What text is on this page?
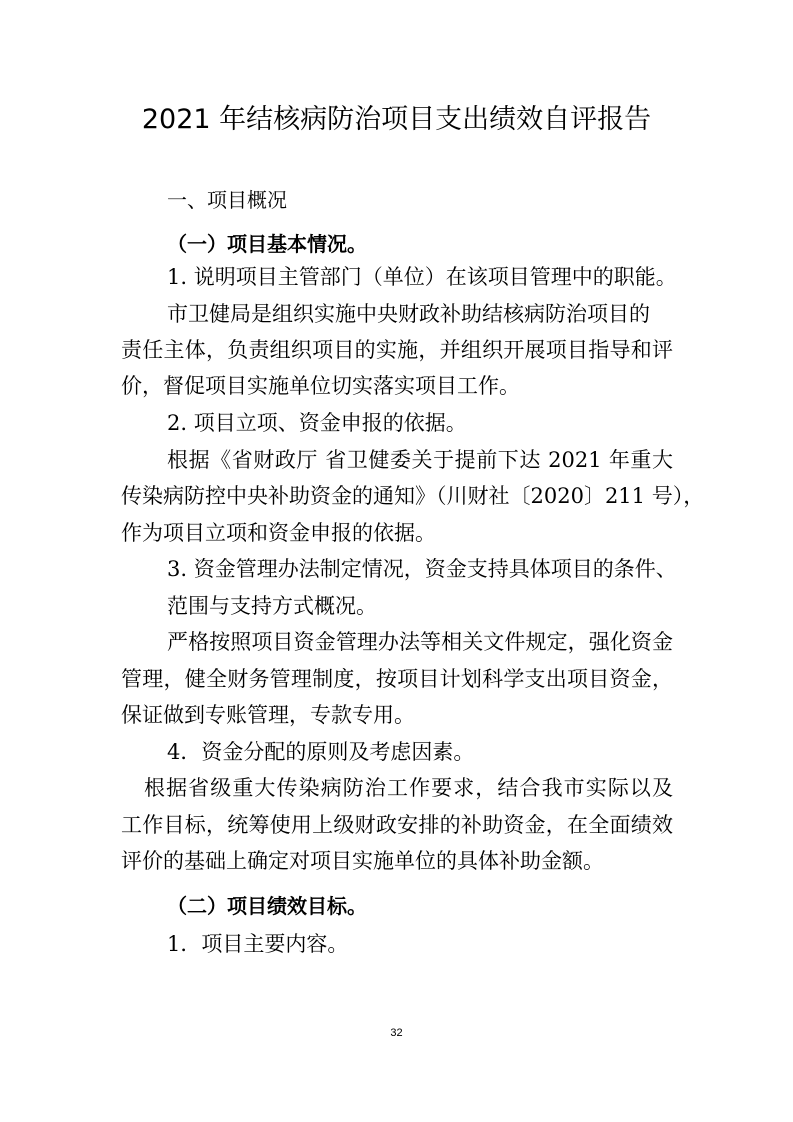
2021 年结核病防治项目支出绩效自评报告
一、项目概况
（一）项目基本情况。
1. 说明项目主管部门（单位）在该项目管理中的职能。
市卫健局是组织实施中央财政补助结核病防治项目的
责任主体，负责组织项目的实施，并组织开展项目指导和评
价，督促项目实施单位切实落实项目工作。
2. 项目立项、资金申报的依据。
根据《省财政厅 省卫健委关于提前下达 2021 年重大
传染病防控中央补助资金的通知》（川财社〔2020〕211 号），
作为项目立项和资金申报的依据。
3. 资金管理办法制定情况，资金支持具体项目的条件、
范围与支持方式概况。
严格按照项目资金管理办法等相关文件规定，强化资金
管理，健全财务管理制度，按项目计划科学支出项目资金，
保证做到专账管理，专款专用。
4．资金分配的原则及考虑因素。
根据省级重大传染病防治工作要求，结合我市实际以及
工作目标，统筹使用上级财政安排的补助资金，在全面绩效
评价的基础上确定对项目实施单位的具体补助金额。
（二）项目绩效目标。
1．项目主要内容。
32
